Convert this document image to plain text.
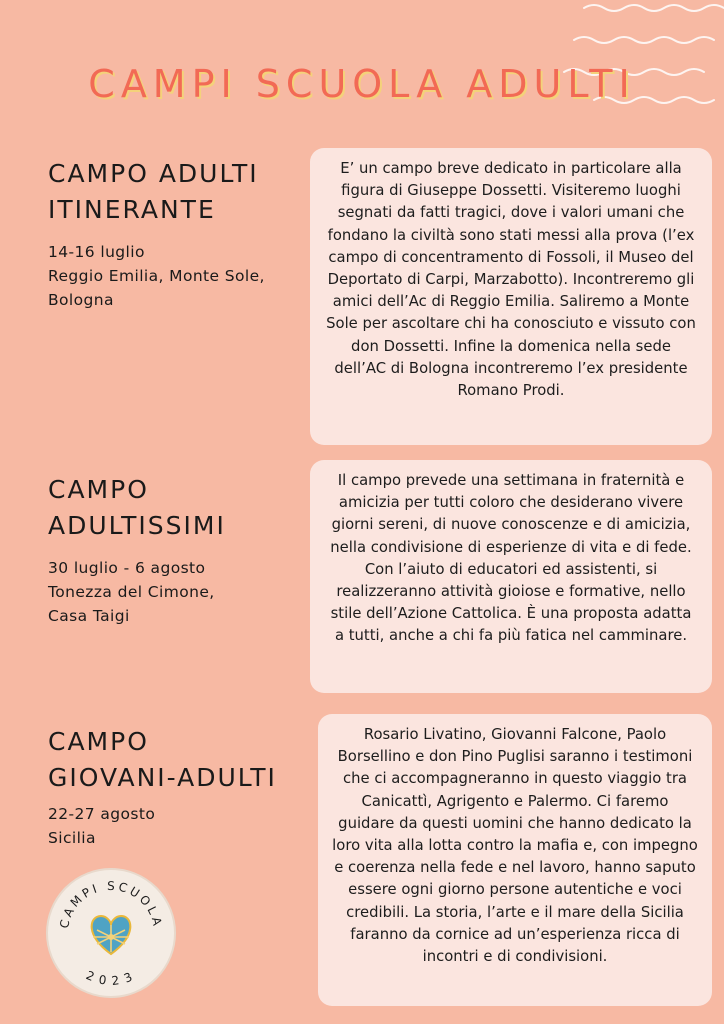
CAMPI SCUOLA ADULTI
CAMPO ADULTI
ITINERANTE
14-16 luglio
Reggio Emilia, Monte Sole,
Bologna

E’ un campo breve dedicato in particolare alla figura di Giuseppe Dossetti. Visiteremo luoghi segnati da fatti tragici, dove i valori umani che fondano la civiltà sono stati messi alla prova (l’ex campo di concentramento di Fossoli, il Museo del Deportato di Carpi, Marzabotto). Incontreremo gli amici dell’Ac di Reggio Emilia. Saliremo a Monte Sole per ascoltare chi ha conosciuto e vissuto con don Dossetti. Infine la domenica nella sede dell’AC di Bologna incontreremo l’ex presidente Romano Prodi.

CAMPO
ADULTISSIMI
30 luglio - 6 agosto
Tonezza del Cimone,
Casa Taigi

Il campo prevede una settimana in fraternità e amicizia per tutti coloro che desiderano vivere giorni sereni, di nuove conoscenze e di amicizia, nella condivisione di esperienze di vita e di fede. Con l’aiuto di educatori ed assistenti, si realizzeranno attività gioiose e formative, nello stile dell’Azione Cattolica. È una proposta adatta a tutti, anche a chi fa più fatica nel camminare.

CAMPO
GIOVANI-ADULTI
22-27 agosto
Sicilia

Rosario Livatino, Giovanni Falcone, Paolo Borsellino e don Pino Puglisi saranno i testimoni che ci accompagneranno in questo viaggio tra Canicattì, Agrigento e Palermo. Ci faremo guidare da questi uomini che hanno dedicato la loro vita alla lotta contro la mafia e, con impegno e coerenza nella fede e nel lavoro, hanno saputo essere ogni giorno persone autentiche e voci credibili. La storia, l’arte e il mare della Sicilia faranno da cornice ad un’esperienza ricca di incontri e di condivisioni.

CAMPI SCUOLA
2023
